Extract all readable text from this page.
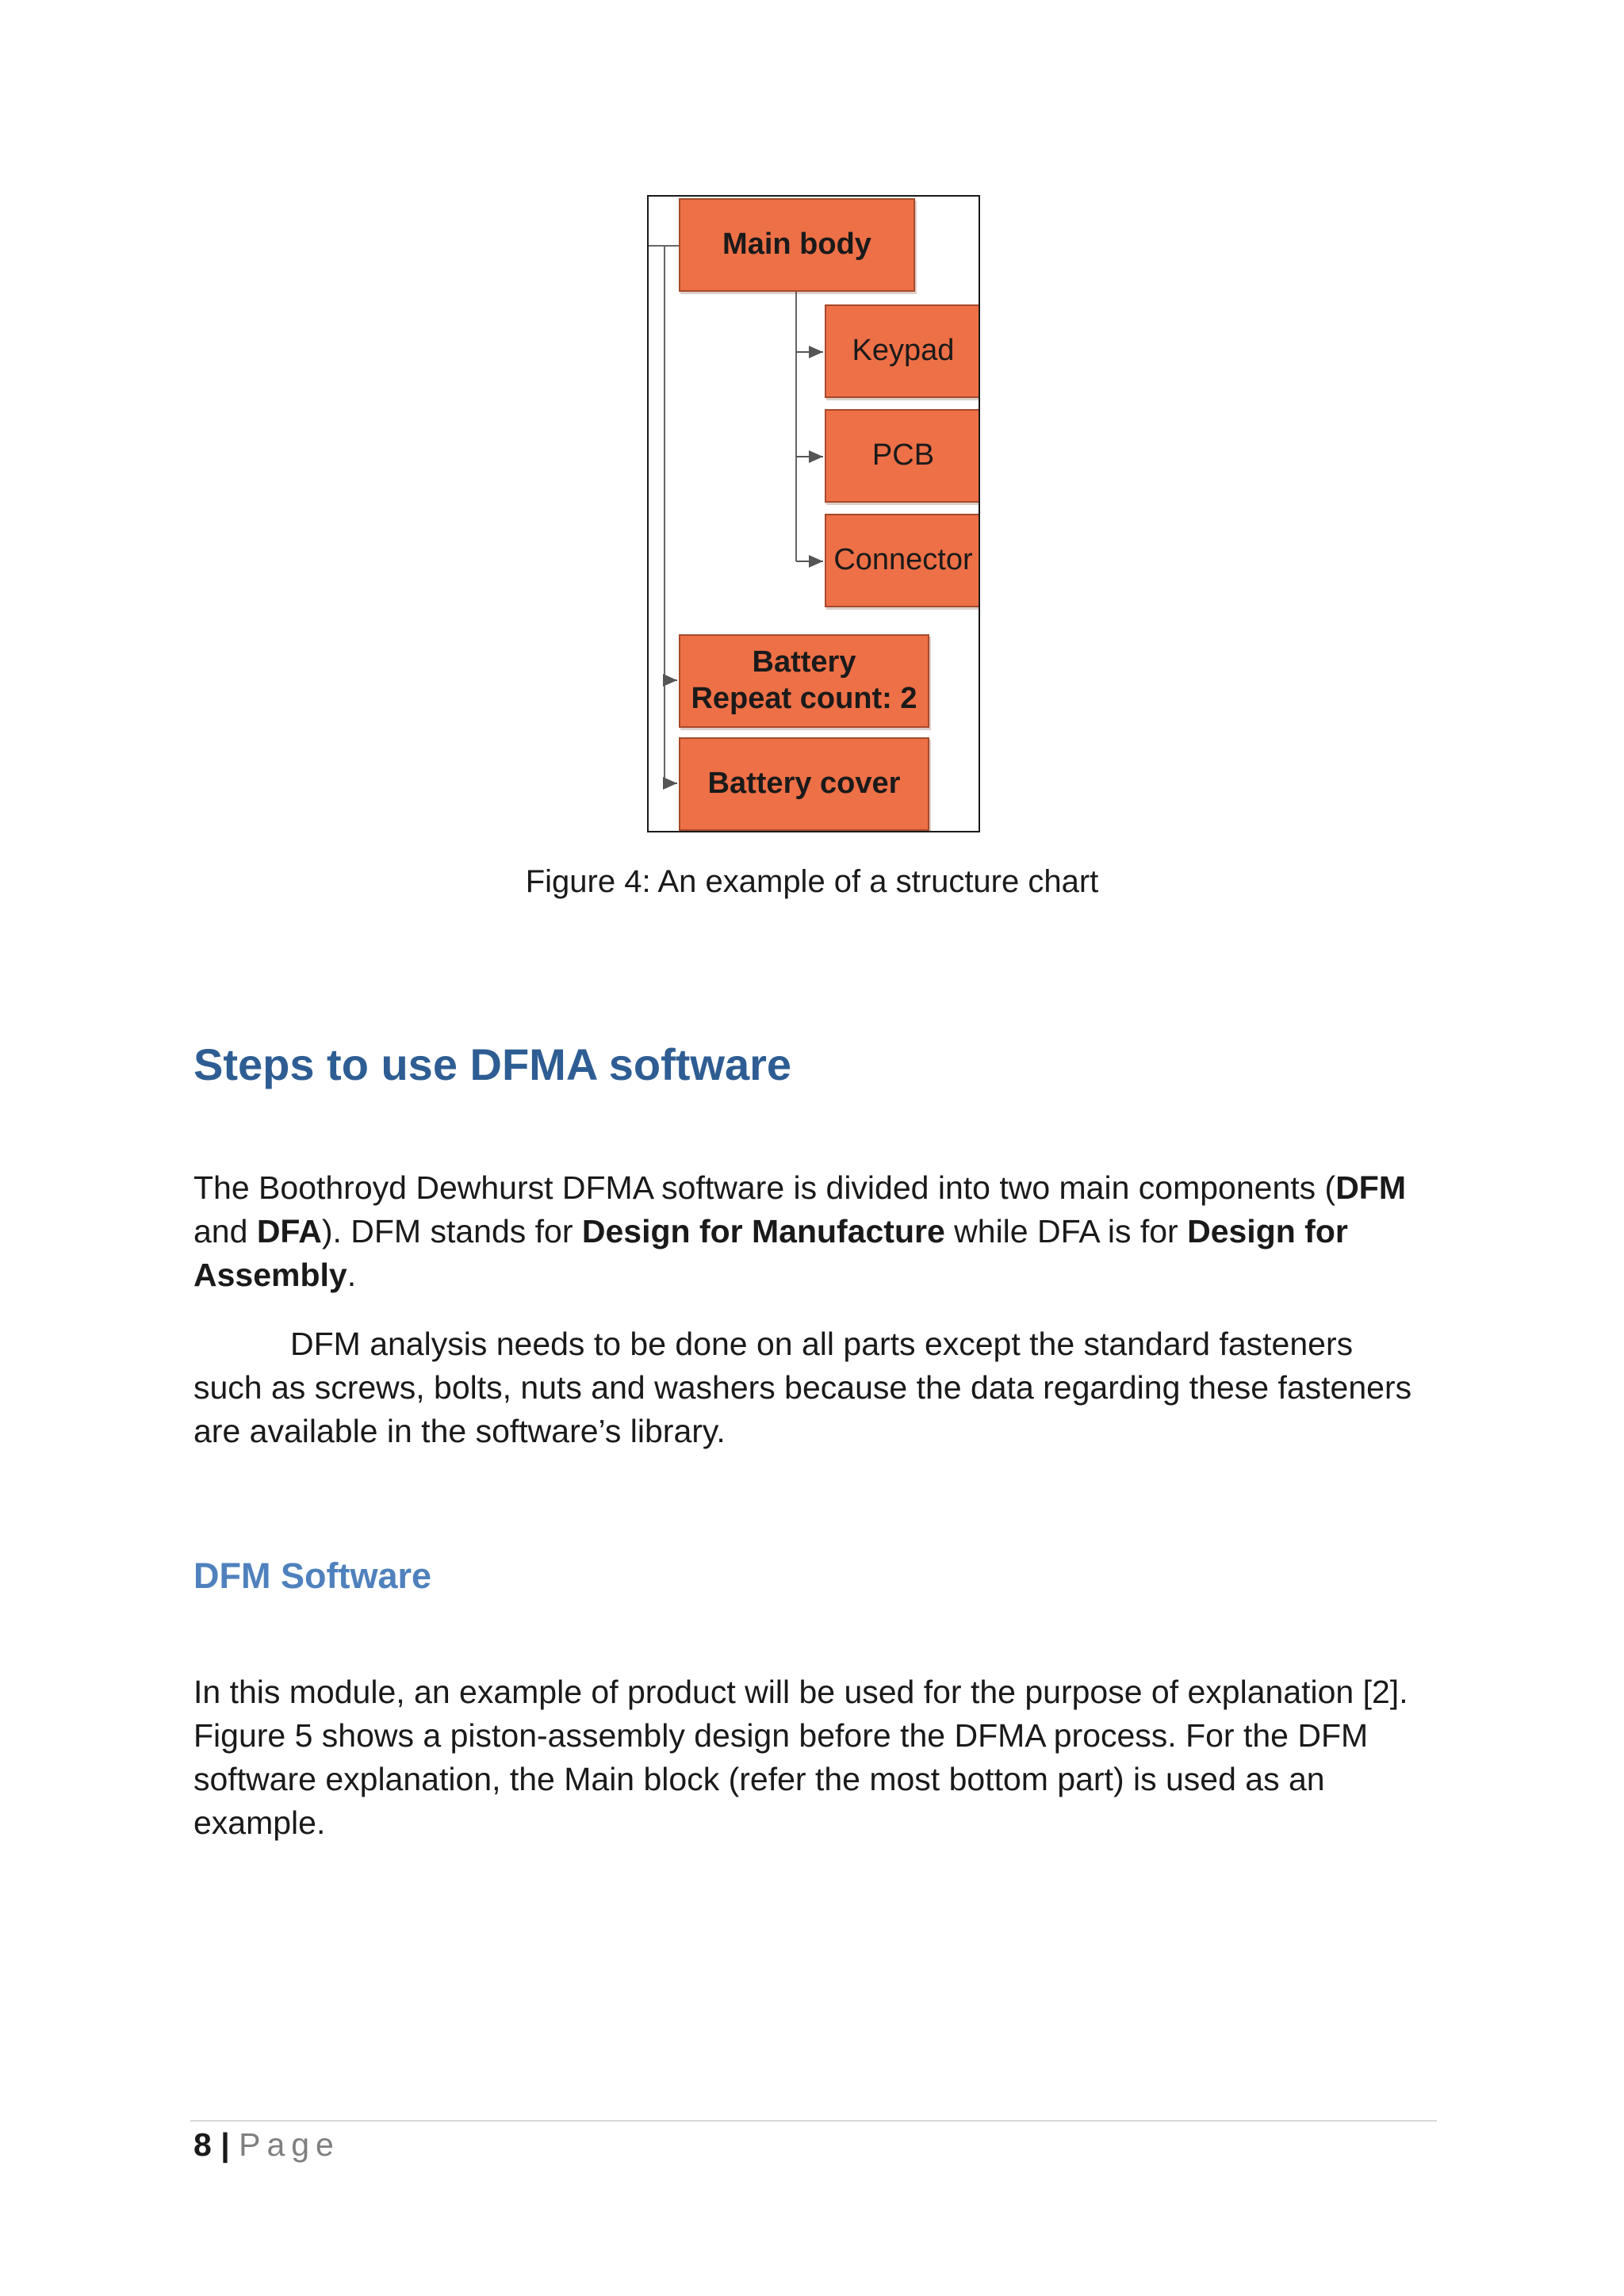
Main body
Keypad
PCB
Connector
Battery
Repeat count: 2
Battery cover
Figure 4: An example of a structure chart
Steps to use DFMA software

The Boothroyd Dewhurst DFMA software is divided into two main components (DFM and DFA). DFM stands for Design for Manufacture while DFA is for Design for Assembly.

DFM analysis needs to be done on all parts except the standard fasteners such as screws, bolts, nuts and washers because the data regarding these fasteners are available in the software’s library.

DFM Software

In this module, an example of product will be used for the purpose of explanation [2]. Figure 5 shows a piston-assembly design before the DFMA process. For the DFM software explanation, the Main block (refer the most bottom part) is used as an example.

8 | Page
